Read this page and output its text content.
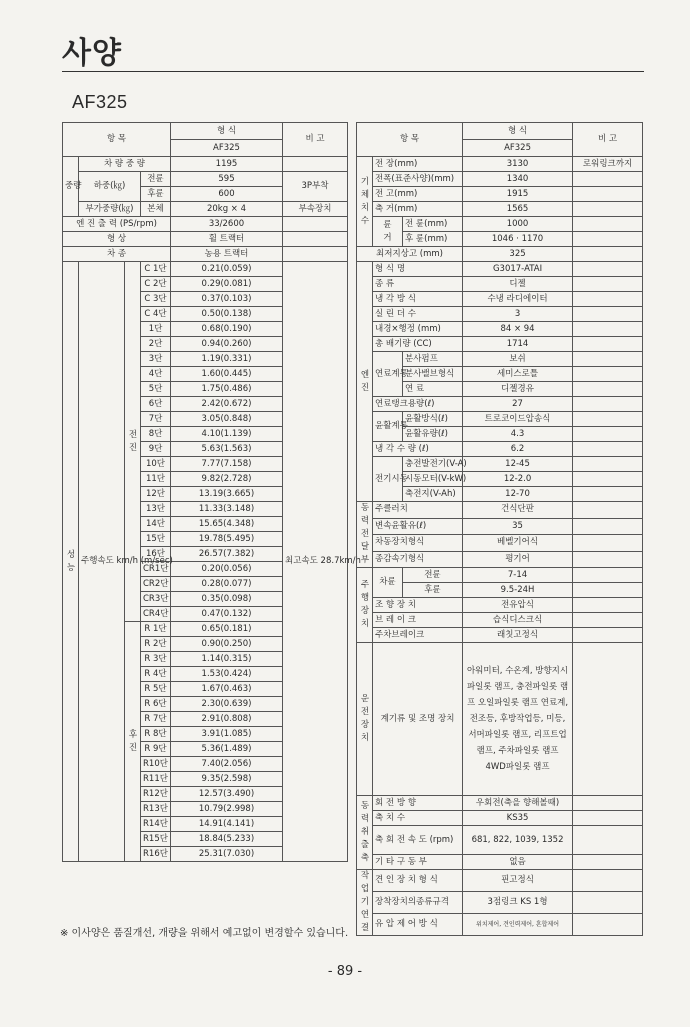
사양
AF325
항 목				형 식	비 고
				AF325	
중량	차 량 중 량			1195	
	하중(㎏)		전륜	595	3P부착
			후륜	600	
	부가중량(㎏)		본체	20kg × 4	부속장치

엔 진 출 력 (PS/rpm)				33/2600	
형 상				휠 트랙터	
차 종				농용 트랙터	
성능	주행속도 km/h (m/sec)	전진	C 1단	0.21(0.059)	최고속도 28.7km/h
			C 2단	0.29(0.081)	
			C 3단	0.37(0.103)	
			C 4단	0.50(0.138)	
			1단	0.68(0.190)	
			2단	0.94(0.260)	
			3단	1.19(0.331)	
			4단	1.60(0.445)	
			5단	1.75(0.486)	
			6단	2.42(0.672)	
			7단	3.05(0.848)	
			8단	4.10(1.139)	
			9단	5.63(1.563)	
			10단	7.77(7.158)	
			11단	9.82(2.728)	
			12단	13.19(3.665)	
			13단	11.33(3.148)	
			14단	15.65(4.348)	
			15단	19.78(5.495)	
			16단	26.57(7.382)	
			CR1단	0.20(0.056)	
			CR2단	0.28(0.077)	
			CR3단	0.35(0.098)	
			CR4단	0.47(0.132)	
		후진	R 1단	0.65(0.181)	
			R 2단	0.90(0.250)	
			R 3단	1.14(0.315)	
			R 4단	1.53(0.424)	
			R 5단	1.67(0.463)	
			R 6단	2.30(0.639)	
			R 7단	2.91(0.808)	
			R 8단	3.91(1.085)	
			R 9단	5.36(1.489)	
			R10단	7.40(2.056)	
			R11단	9.35(2.598)	
			R12단	12.57(3.490)	
			R13단	10.79(2.998)	
			R14단	14.91(4.141)	
			R15단	18.84(5.233)	
			R16단	25.31(7.030)	
항 목			형 식	비 고
			AF325	
기체치수	전 장(mm)		3130	로워링크까지
	전폭(표준사양)(mm)		1340	
	전 고(mm)		1915	
	축 거(mm)		1565	
	륜거	전 륜(mm)	1000	
		후 륜(mm)	1046 · 1170	
최저지상고 (mm)			325	
엔진	형 식 명		G3017-ATAI	
	종 류		디젤	
	냉 각 방 식		수냉 라디에이터	
	실 린 더 수		3	
	내경×행정 (mm)		84 × 94	
	총 배기량 (CC)		1714	
	연료계통	분사펌프	보쉬	
		분사밸브형식	세미스로틀	
		연 료	디젤경유	
	연료탱크용량(ℓ)		27	
	윤활계통	윤활방식(ℓ)	트로코이드압송식	
		윤활유량(ℓ)	4.3	
	냉 각 수 량 (ℓ)		6.2	
	전기시동	충전발전기(V-A)	12-45	
		시동모터(V-kW)	12-2.0	
		축전지(V-Ah)	12-70	
동력전달부	주클러치		건식단판	
	변속윤활유(ℓ)		35	
	차동장치형식		베벨기어식	
	종감속기형식		평기어	
주행장치	차륜	전륜	7-14	
		후륜	9.5-24H	
	조 향 장 치		전유압식	
	브 레 이 크		습식디스크식	
	주차브레이크		래칫고정식	
운전장치	계기류 및 조명 장치		아워미터, 수온계, 방향지시 파일롯 램프, 충전파일롯 램프 오일파일롯 램프 연료계, 전조등, 후방작업등, 미등, 서머파일롯 램프, 리프트업램프, 주차파일롯 램프 4WD파일롯 램프	
동력취출축	회 전 방 향		우회전(축을 향해볼때)	
	축 치 수		KS35	
	축 회 전 속 도 (rpm)		681, 822, 1039, 1352	
	기 타 구 동 부		없음	
작업기연결	견 인 장 치 형 식		핀고정식	
	장착장치의종류규격		3점링크 KS 1형	
	유 압 제 어 방 식		위치제어, 견인력제어, 혼합제어	
※ 이사양은 품질개선, 개량을 위해서 예고없이 변경할수 있습니다.
- 89 -
